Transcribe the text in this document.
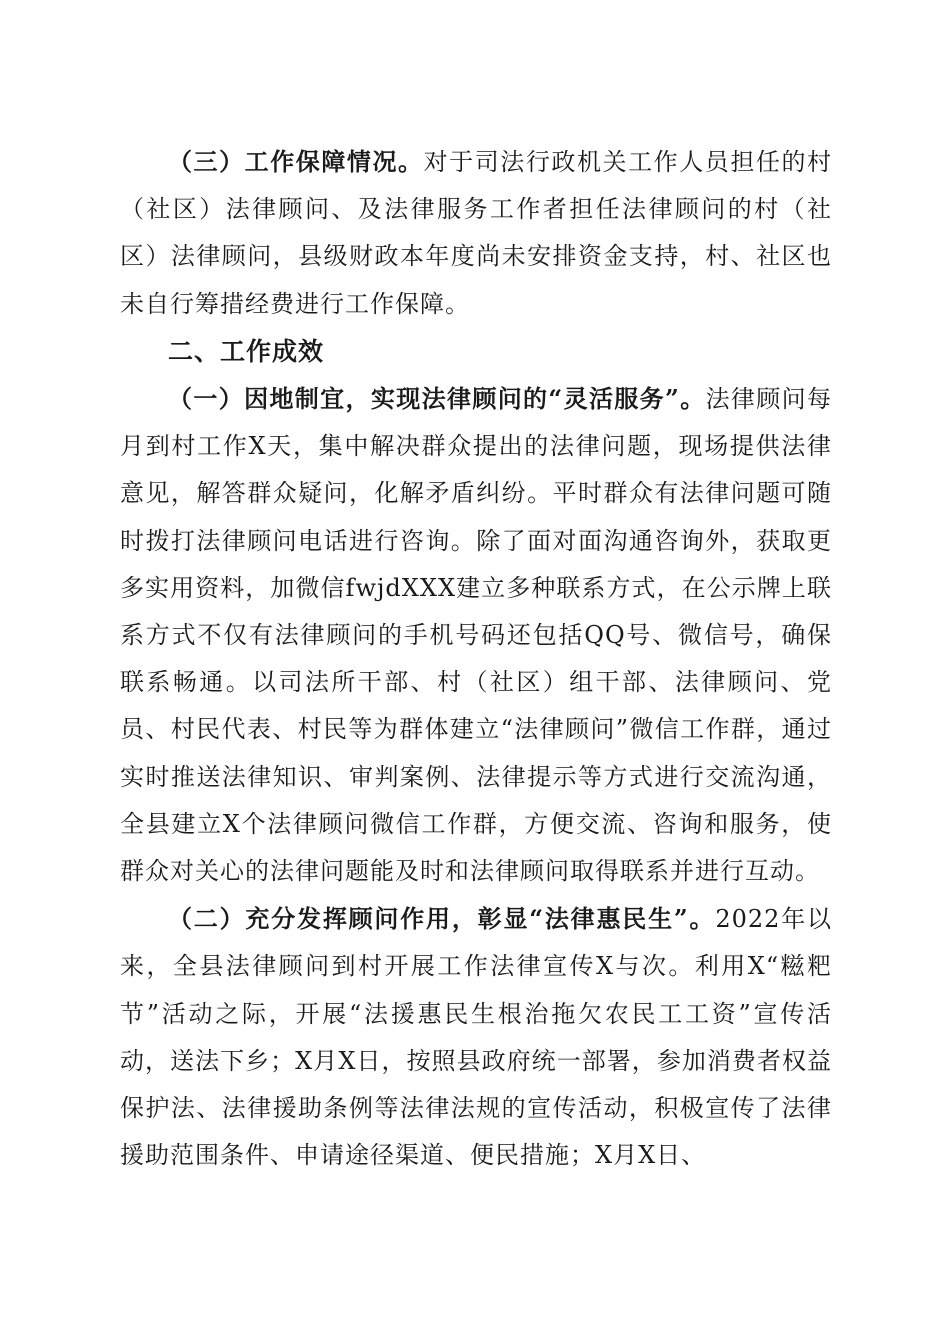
（三）工作保障情况。对于司法行政机关工作人员担任的村（社区）法律顾问、及法律服务工作者担任法律顾问的村（社区）法律顾问，县级财政本年度尚未安排资金支持，村、社区也未自行筹措经费进行工作保障。

二、工作成效

（一）因地制宜，实现法律顾问的“灵活服务”。法律顾问每月到村工作X天，集中解决群众提出的法律问题，现场提供法律意见，解答群众疑问，化解矛盾纠纷。平时群众有法律问题可随时拨打法律顾问电话进行咨询。除了面对面沟通咨询外，获取更多实用资料，加微信fwjdXXX建立多种联系方式，在公示牌上联系方式不仅有法律顾问的手机号码还包括QQ号、微信号，确保联系畅通。以司法所干部、村（社区）组干部、法律顾问、党员、村民代表、村民等为群体建立“法律顾问”微信工作群，通过实时推送法律知识、审判案例、法律提示等方式进行交流沟通，全县建立X个法律顾问微信工作群，方便交流、咨询和服务，使群众对关心的法律问题能及时和法律顾问取得联系并进行互动。

（二）充分发挥顾问作用，彰显“法律惠民生”。2022年以来，全县法律顾问到村开展工作法律宣传X与次。利用X“糍粑节”活动之际，开展“法援惠民生根治拖欠农民工工资”宣传活动，送法下乡；X月X日，按照县政府统一部署，参加消费者权益保护法、法律援助条例等法律法规的宣传活动，积极宣传了法律援助范围条件、申请途径渠道、便民措施；X月X日、
